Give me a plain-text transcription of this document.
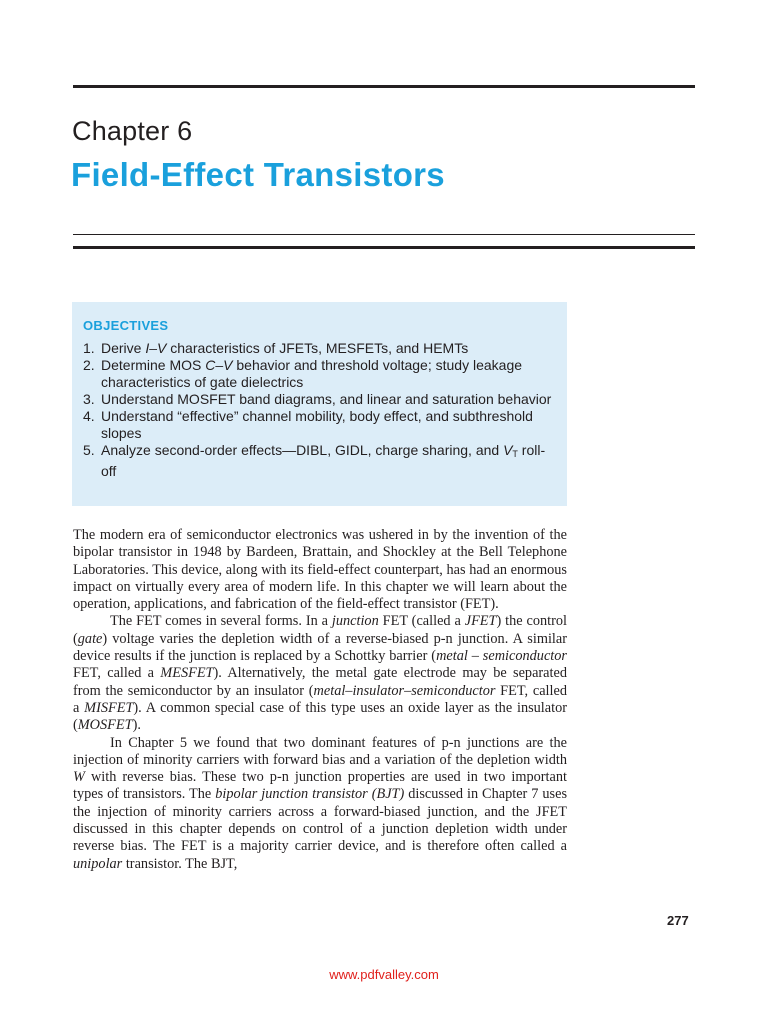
Chapter 6
Field-Effect Transistors
OBJECTIVES
1. Derive I–V characteristics of JFETs, MESFETs, and HEMTs
2. Determine MOS C–V behavior and threshold voltage; study leakage characteristics of gate dielectrics
3. Understand MOSFET band diagrams, and linear and saturation behavior
4. Understand “effective” channel mobility, body effect, and subthreshold slopes
5. Analyze second-order effects—DIBL, GIDL, charge sharing, and $V_T$ roll-off

The modern era of semiconductor electronics was ushered in by the invention of the bipolar transistor in 1948 by Bardeen, Brattain, and Shockley at the Bell Telephone Laboratories. This device, along with its field-effect counterpart, has had an enormous impact on virtually every area of modern life. In this chapter we will learn about the operation, applications, and fabrication of the field-effect transistor (FET).

The FET comes in several forms. In a junction FET (called a JFET) the control (gate) voltage varies the depletion width of a reverse-biased p-n junction. A similar device results if the junction is replaced by a Schottky barrier (metal – semiconductor FET, called a MESFET). Alternatively, the metal gate electrode may be separated from the semiconductor by an insulator (metal–insulator–semiconductor FET, called a MISFET). A common special case of this type uses an oxide layer as the insulator (MOSFET).

In Chapter 5 we found that two dominant features of p-n junctions are the injection of minority carriers with forward bias and a variation of the depletion width W with reverse bias. These two p-n junction properties are used in two important types of transistors. The bipolar junction transistor (BJT) discussed in Chapter 7 uses the injection of minority carriers across a forward-biased junction, and the JFET discussed in this chapter depends on control of a junction depletion width under reverse bias. The FET is a majority carrier device, and is therefore often called a unipolar transistor. The BJT,

277
www.pdfvalley.com
